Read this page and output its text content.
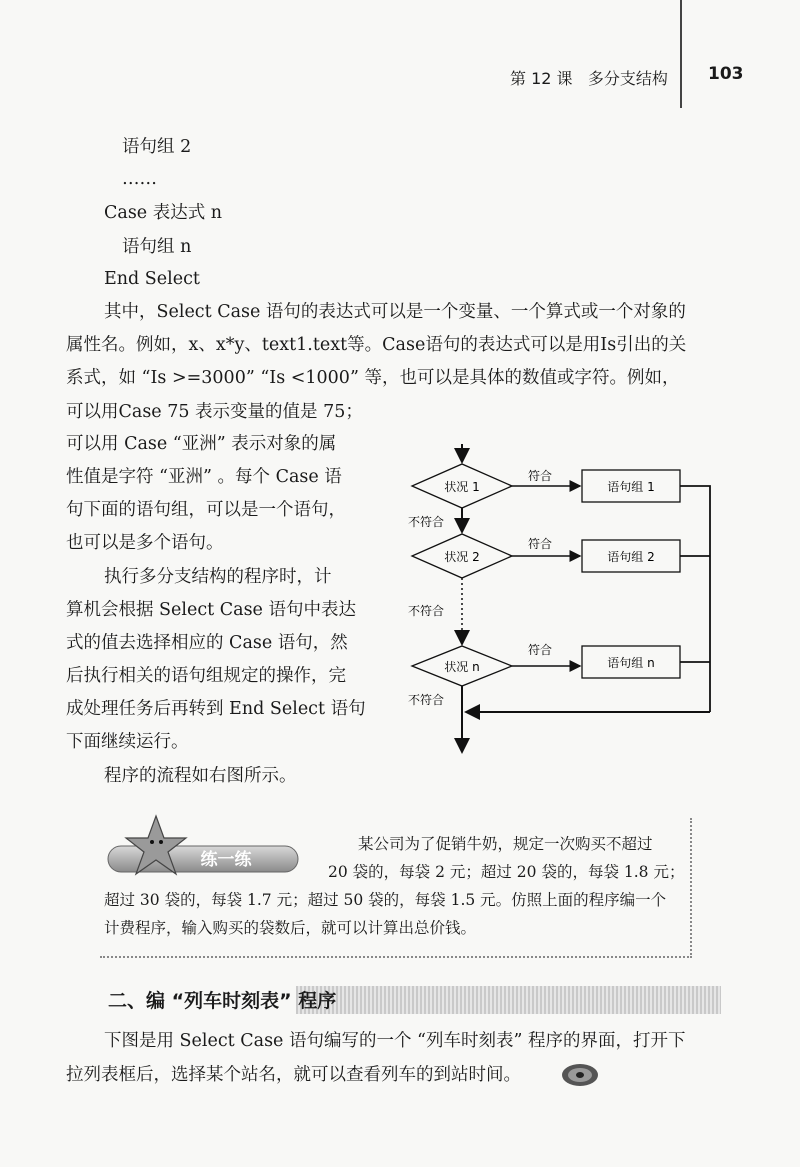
第 12 课 多分支结构 103
语句组 2
……
Case 表达式 n
语句组 n
End Select
其中，Select Case 语句的表达式可以是一个变量、一个算式或一个对象的
属性名。例如，x、x*y、text1.text等。Case语句的表达式可以是用Is引出的关
系式，如 “Is >=3000” “Is <1000” 等，也可以是具体的数值或字符。例如，
可以用Case 75 表示变量的值是 75；
可以用 Case “亚洲” 表示对象的属
性值是字符 “亚洲” 。每个 Case 语
句下面的语句组，可以是一个语句，
也可以是多个语句。
执行多分支结构的程序时，计
算机会根据 Select Case 语句中表达
式的值去选择相应的 Case 语句，然
后执行相关的语句组规定的操作，完
成处理任务后再转到 End Select 语句
下面继续运行。
程序的流程如右图所示。
状况 1
符合
语句组 1
不符合
状况 2
符合
语句组 2
不符合
状况 n
符合
语句组 n
不符合
练一练
某公司为了促销牛奶，规定一次购买不超过
20 袋的，每袋 2 元；超过 20 袋的，每袋 1.8 元；
超过 30 袋的，每袋 1.7 元；超过 50 袋的，每袋 1.5 元。仿照上面的程序编一个
计费程序，输入购买的袋数后，就可以计算出总价钱。
二、编 “列车时刻表” 程序
下图是用 Select Case 语句编写的一个 “列车时刻表” 程序的界面，打开下
拉列表框后，选择某个站名，就可以查看列车的到站时间。
